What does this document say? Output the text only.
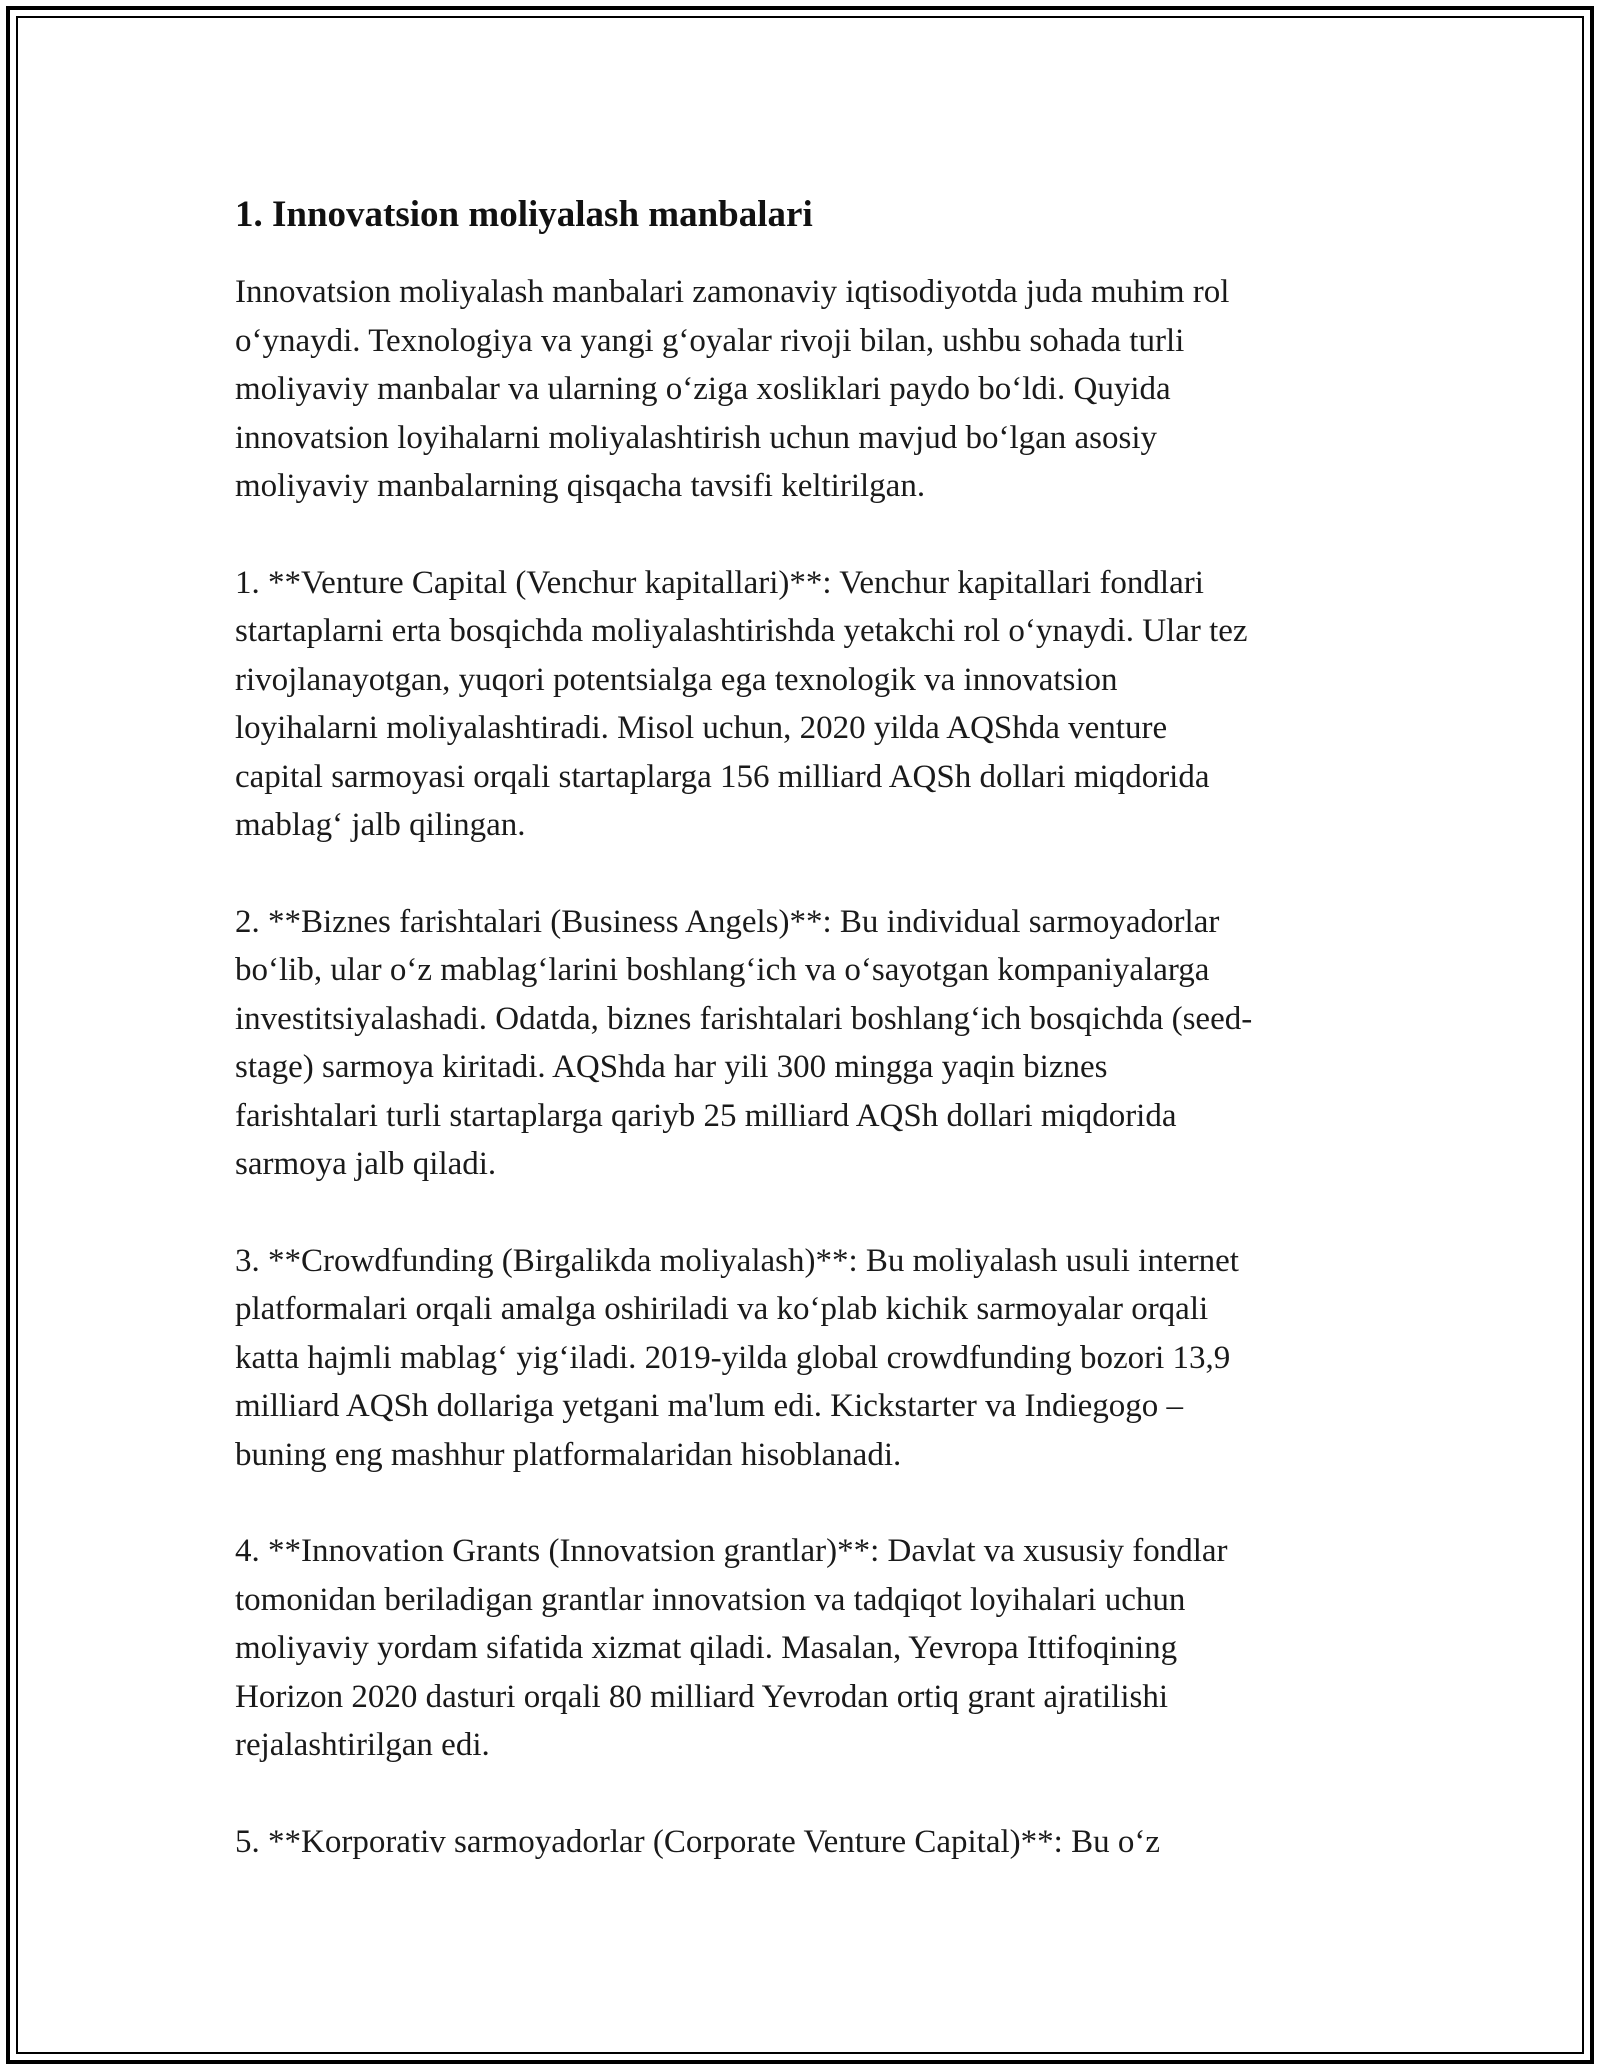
1. Innovatsion moliyalash manbalari

Innovatsion moliyalash manbalari zamonaviy iqtisodiyotda juda muhim rol
o‘ynaydi. Texnologiya va yangi g‘oyalar rivoji bilan, ushbu sohada turli
moliyaviy manbalar va ularning o‘ziga xosliklari paydo bo‘ldi. Quyida
innovatsion loyihalarni moliyalashtirish uchun mavjud bo‘lgan asosiy
moliyaviy manbalarning qisqacha tavsifi keltirilgan.

1. **Venture Capital (Venchur kapitallari)**: Venchur kapitallari fondlari
startaplarni erta bosqichda moliyalashtirishda yetakchi rol o‘ynaydi. Ular tez
rivojlanayotgan, yuqori potentsialga ega texnologik va innovatsion
loyihalarni moliyalashtiradi. Misol uchun, 2020 yilda AQShda venture
capital sarmoyasi orqali startaplarga 156 milliard AQSh dollari miqdorida
mablag‘ jalb qilingan.

2. **Biznes farishtalari (Business Angels)**: Bu individual sarmoyadorlar
bo‘lib, ular o‘z mablag‘larini boshlang‘ich va o‘sayotgan kompaniyalarga
investitsiyalashadi. Odatda, biznes farishtalari boshlang‘ich bosqichda (seed-
stage) sarmoya kiritadi. AQShda har yili 300 mingga yaqin biznes
farishtalari turli startaplarga qariyb 25 milliard AQSh dollari miqdorida
sarmoya jalb qiladi.

3. **Crowdfunding (Birgalikda moliyalash)**: Bu moliyalash usuli internet
platformalari orqali amalga oshiriladi va ko‘plab kichik sarmoyalar orqali
katta hajmli mablag‘ yig‘iladi. 2019-yilda global crowdfunding bozori 13,9
milliard AQSh dollariga yetgani ma'lum edi. Kickstarter va Indiegogo –
buning eng mashhur platformalaridan hisoblanadi.

4. **Innovation Grants (Innovatsion grantlar)**: Davlat va xususiy fondlar
tomonidan beriladigan grantlar innovatsion va tadqiqot loyihalari uchun
moliyaviy yordam sifatida xizmat qiladi. Masalan, Yevropa Ittifoqining
Horizon 2020 dasturi orqali 80 milliard Yevrodan ortiq grant ajratilishi
rejalashtirilgan edi.

5. **Korporativ sarmoyadorlar (Corporate Venture Capital)**: Bu o‘z
